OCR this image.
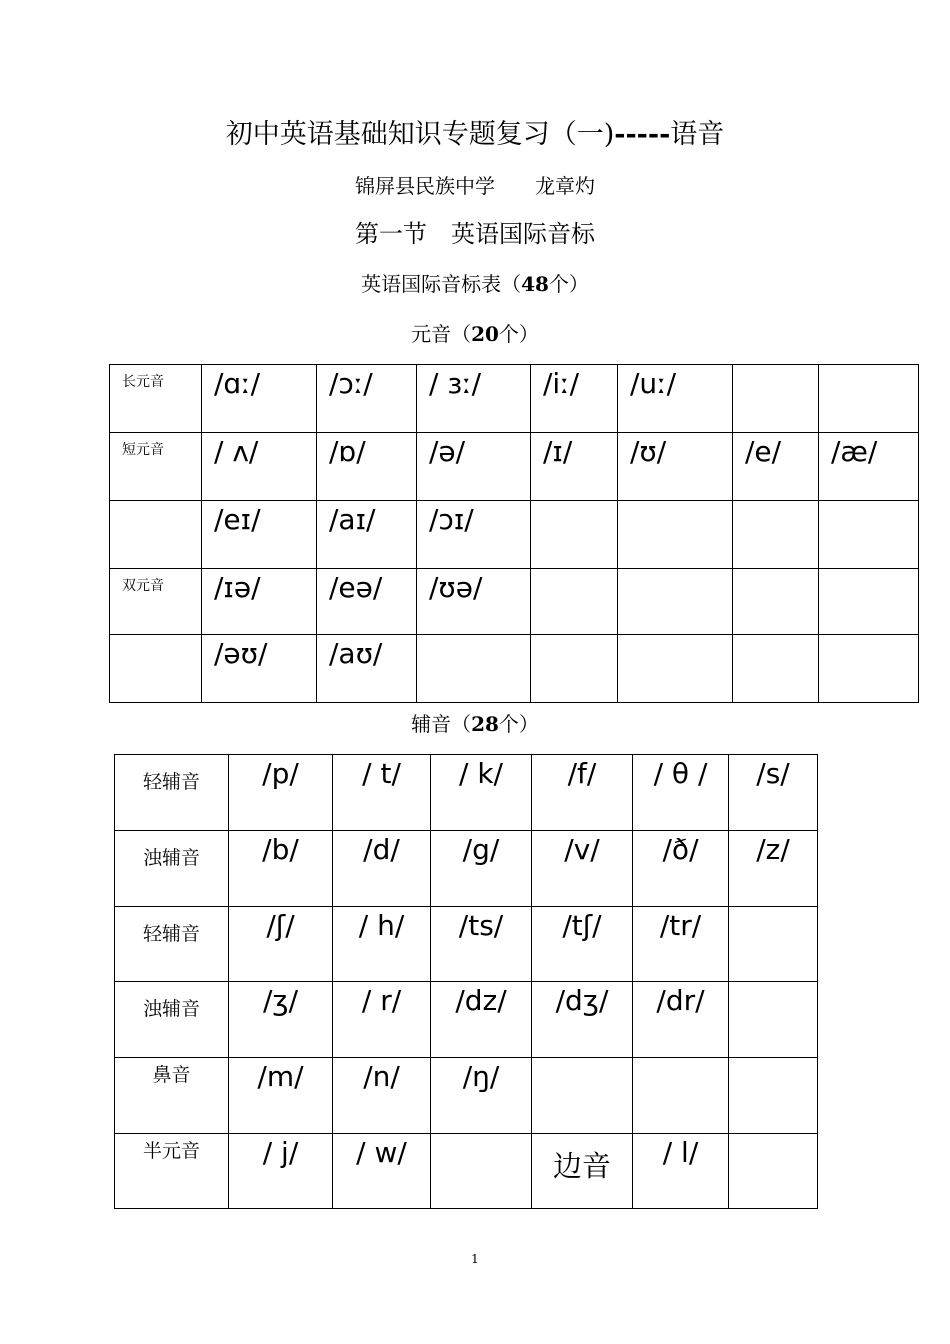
初中英语基础知识专题复习（一)-----语音
锦屏县民族中学　　龙章灼
第一节　英语国际音标
英语国际音标表（48个）
元音（20个）
长元音	/ɑː/	/ɔː/	/ ɜː/	/iː/	/uː/		

短元音	/ ʌ/	/ɒ/	/ə/	/ɪ/	/ʊ/	/e/	/æ/

	/eɪ/	/aɪ/	/ɔɪ/				

双元音	/ɪə/	/eə/	/ʊə/				

	/əʊ/	/aʊ/					

辅音（28个）
轻辅音	/p/	/ t/	/ k/	/f/	/ θ /	/s/

浊辅音	/b/	/d/	/g/	/v/	/ð/	/z/

轻辅音	/ʃ/	/ h/	/ts/	/tʃ/	/tr/	

浊辅音	/ʒ/	/ r/	/dz/	/dʒ/	/dr/	

鼻音	/m/	/n/	/ŋ/			

半元音	/ j/	/ w/		边音	/ l/	

1
